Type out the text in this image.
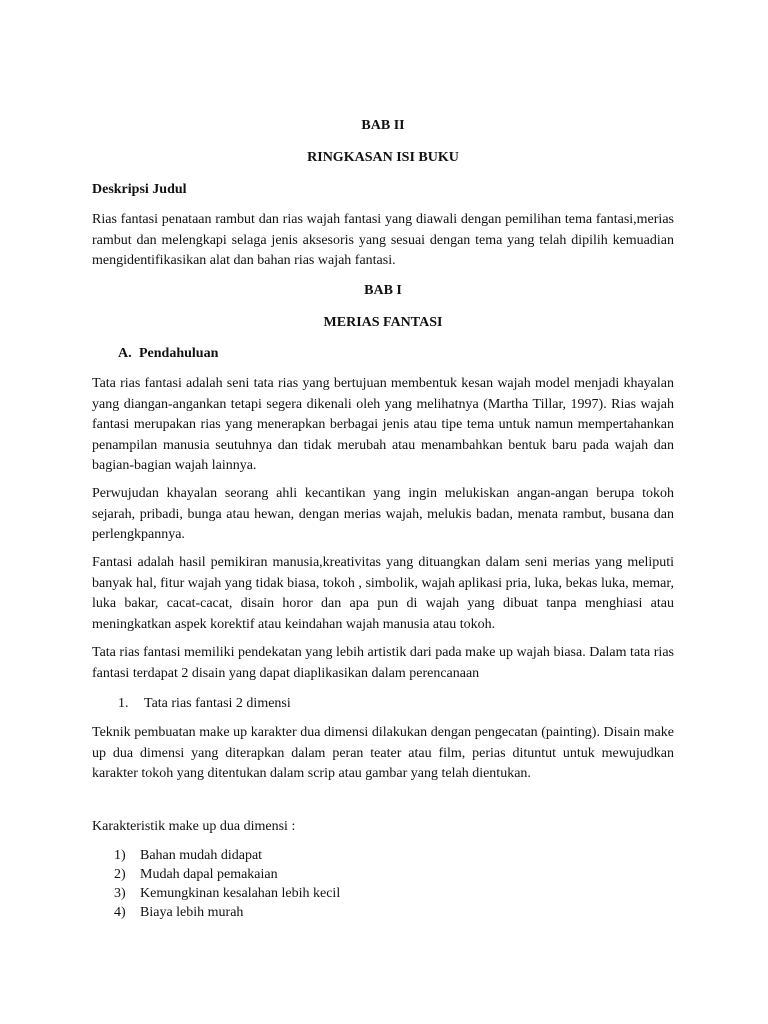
BAB II

RINGKASAN ISI BUKU

Deskripsi Judul

Rias fantasi penataan rambut dan rias wajah fantasi yang diawali dengan pemilihan tema fantasi,merias rambut dan melengkapi selaga jenis aksesoris yang sesuai dengan tema yang telah dipilih kemuadian mengidentifikasikan alat dan bahan rias wajah fantasi.

BAB I

MERIAS FANTASI

A. Pendahuluan

Tata rias fantasi adalah seni tata rias yang bertujuan membentuk kesan wajah model menjadi khayalan yang diangan-angankan tetapi segera dikenali oleh yang melihatnya (Martha Tillar, 1997). Rias wajah fantasi merupakan rias yang menerapkan berbagai jenis atau tipe tema untuk namun mempertahankan penampilan manusia seutuhnya dan tidak merubah atau menambahkan bentuk baru pada wajah dan bagian-bagian wajah lainnya.

Perwujudan khayalan seorang ahli kecantikan yang ingin melukiskan angan-angan berupa tokoh sejarah, pribadi, bunga atau hewan, dengan merias wajah, melukis badan, menata rambut, busana dan perlengkpannya.

Fantasi adalah hasil pemikiran manusia,kreativitas yang dituangkan dalam seni merias yang meliputi banyak hal, fitur wajah yang tidak biasa, tokoh , simbolik, wajah aplikasi pria, luka, bekas luka, memar, luka bakar, cacat-cacat, disain horor dan apa pun di wajah yang dibuat tanpa menghiasi atau meningkatkan aspek korektif atau keindahan wajah manusia atau tokoh.

Tata rias fantasi memiliki pendekatan yang lebih artistik dari pada make up wajah biasa. Dalam tata rias fantasi terdapat 2 disain yang dapat diaplikasikan dalam perencanaan

1. Tata rias fantasi 2 dimensi

Teknik pembuatan make up karakter dua dimensi dilakukan dengan pengecatan (painting). Disain make up dua dimensi yang diterapkan dalam peran teater atau film, perias dituntut untuk mewujudkan karakter tokoh yang ditentukan dalam scrip atau gambar yang telah dientukan.

Karakteristik make up dua dimensi :

1) Bahan mudah didapat

2) Mudah dapal pemakaian

3) Kemungkinan kesalahan lebih kecil

4) Biaya lebih murah
